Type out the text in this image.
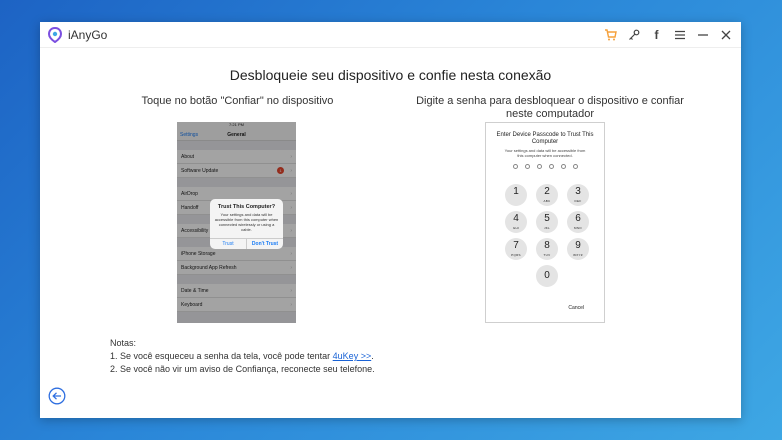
iAnyGo	f
Desbloqueie seu dispositivo e confie nesta conexão
Toque no botão "Confiar" no dispositivo	Digite a senha para desbloquear o dispositivo e confiar neste computador
7:21 PM
Settings	General
About	›
Software Update	1	›
AirDrop	›
Handoff	›
Accessibility	›
iPhone Storage	›
Background App Refresh	›
Date & Time	›
Keyboard	›
Trust This Computer?
Your settings and data will be accessible from this computer when connected wirelessly or using a cable.
Trust	Don't Trust
Enter Device Passcode to Trust This Computer
Your settings and data will be accessible from this computer when connected.
1	2
ABC
3
DEF
4
GHI
5
JKL
6
MNO
7
PQRS
8
TUV
9
WXYZ
0
Cancel
Notas:
1. Se você esqueceu a senha da tela, você pode tentar 4uKey >>.
2. Se você não vir um aviso de Confiança, reconecte seu telefone.
